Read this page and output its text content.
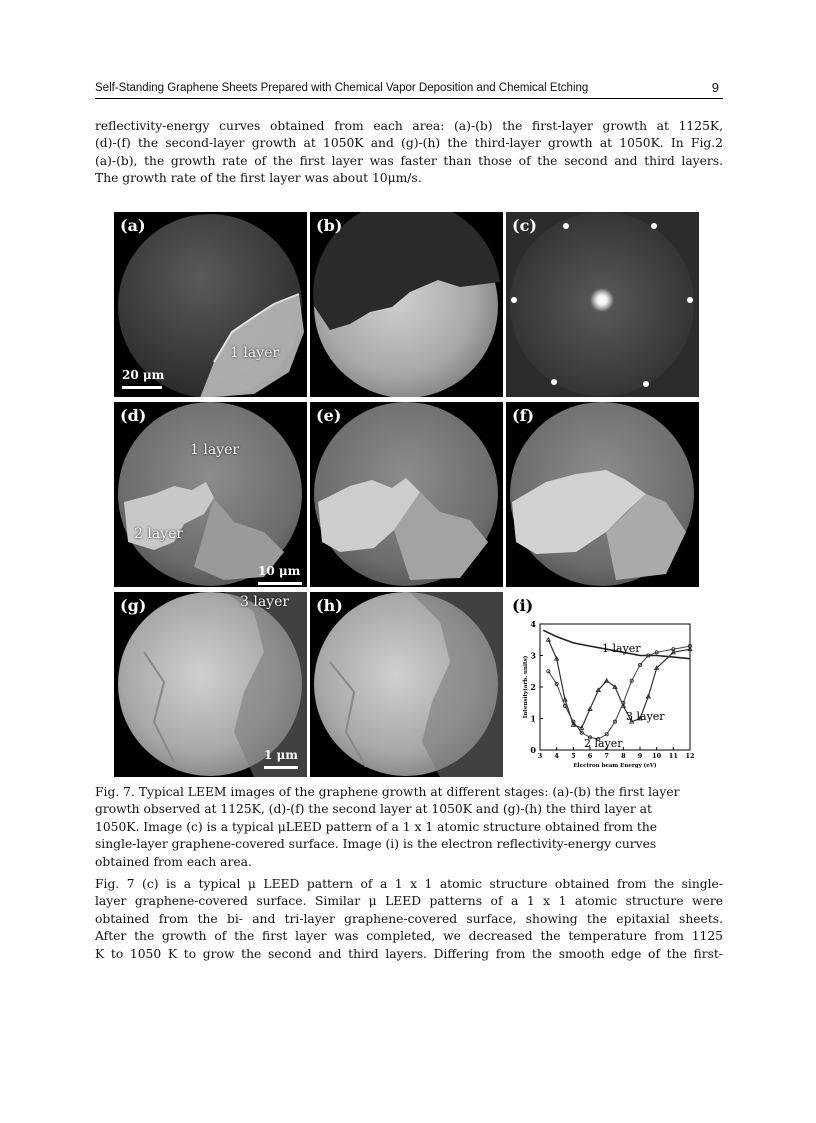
Self-Standing Graphene Sheets Prepared with Chemical Vapor Deposition and Chemical Etching	9
reflectivity-energy curves obtained from each area: (a)-(b) the first-layer growth at 1125K,
(d)-(f) the second-layer growth at 1050K and (g)-(h) the third-layer growth at 1050K. In Fig.2
(a)-(b), the growth rate of the first layer was faster than those of the second and third layers.
The growth rate of the first layer was about 10μm/s.
(a)
1 layer
20 μm
(b)	(c)
(d)
1 layer
2 layer
10 μm
(e)	(f)
(g)	3 layer
1 μm
(h)
3 4 5 6 7 8 9 10 11 12
0
1
2
3
4
Electron beam Energy (eV)
Intensity(arb. units)
1 layer
2 layer
3 layer
(i)
Fig. 7. Typical LEEM images of the graphene growth at different stages: (a)-(b) the first layer
growth observed at 1125K, (d)-(f) the second layer at 1050K and (g)-(h) the third layer at
1050K. Image (c) is a typical μLEED pattern of a 1 x 1 atomic structure obtained from the
single-layer graphene-covered surface. Image (i) is the electron reflectivity-energy curves
obtained from each area.
Fig. 7 (c) is a typical μ LEED pattern of a 1 x 1 atomic structure obtained from the single-
layer graphene-covered surface. Similar μ LEED patterns of a 1 x 1 atomic structure were
obtained from the bi- and tri-layer graphene-covered surface, showing the epitaxial sheets.
After the growth of the first layer was completed, we decreased the temperature from 1125
K to 1050 K to grow the second and third layers. Differing from the smooth edge of the first-
